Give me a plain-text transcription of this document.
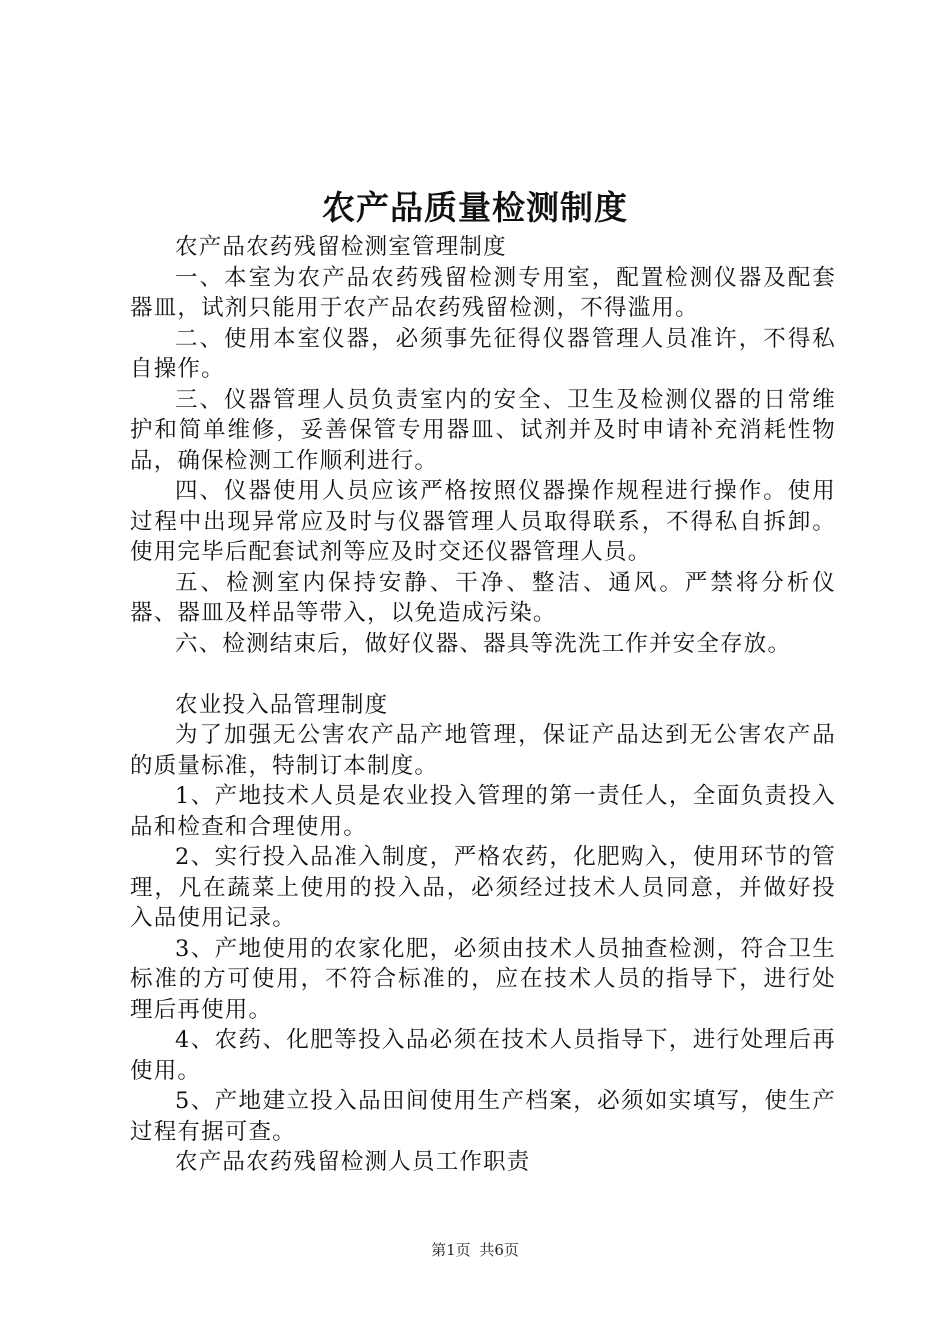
农产品质量检测制度

农产品农药残留检测室管理制度

一、本室为农产品农药残留检测专用室，配置检测仪器及配套器皿，试剂只能用于农产品农药残留检测，不得滥用。

二、使用本室仪器，必须事先征得仪器管理人员准许，不得私自操作。

三、仪器管理人员负责室内的安全、卫生及检测仪器的日常维护和简单维修，妥善保管专用器皿、试剂并及时申请补充消耗性物品，确保检测工作顺利进行。

四、仪器使用人员应该严格按照仪器操作规程进行操作。使用过程中出现异常应及时与仪器管理人员取得联系，不得私自拆卸。使用完毕后配套试剂等应及时交还仪器管理人员。

五、检测室内保持安静、干净、整洁、通风。严禁将分析仪器、器皿及样品等带入，以免造成污染。

六、检测结束后，做好仪器、器具等洗洗工作并安全存放。

农业投入品管理制度

为了加强无公害农产品产地管理，保证产品达到无公害农产品的质量标准，特制订本制度。

1、产地技术人员是农业投入管理的第一责任人，全面负责投入品和检查和合理使用。

2、实行投入品准入制度，严格农药，化肥购入，使用环节的管理，凡在蔬菜上使用的投入品，必须经过技术人员同意，并做好投入品使用记录。

3、产地使用的农家化肥，必须由技术人员抽查检测，符合卫生标准的方可使用，不符合标准的，应在技术人员的指导下，进行处理后再使用。

4、农药、化肥等投入品必须在技术人员指导下，进行处理后再使用。

5、产地建立投入品田间使用生产档案，必须如实填写，使生产过程有据可查。

农产品农药残留检测人员工作职责

第1页 共6页
